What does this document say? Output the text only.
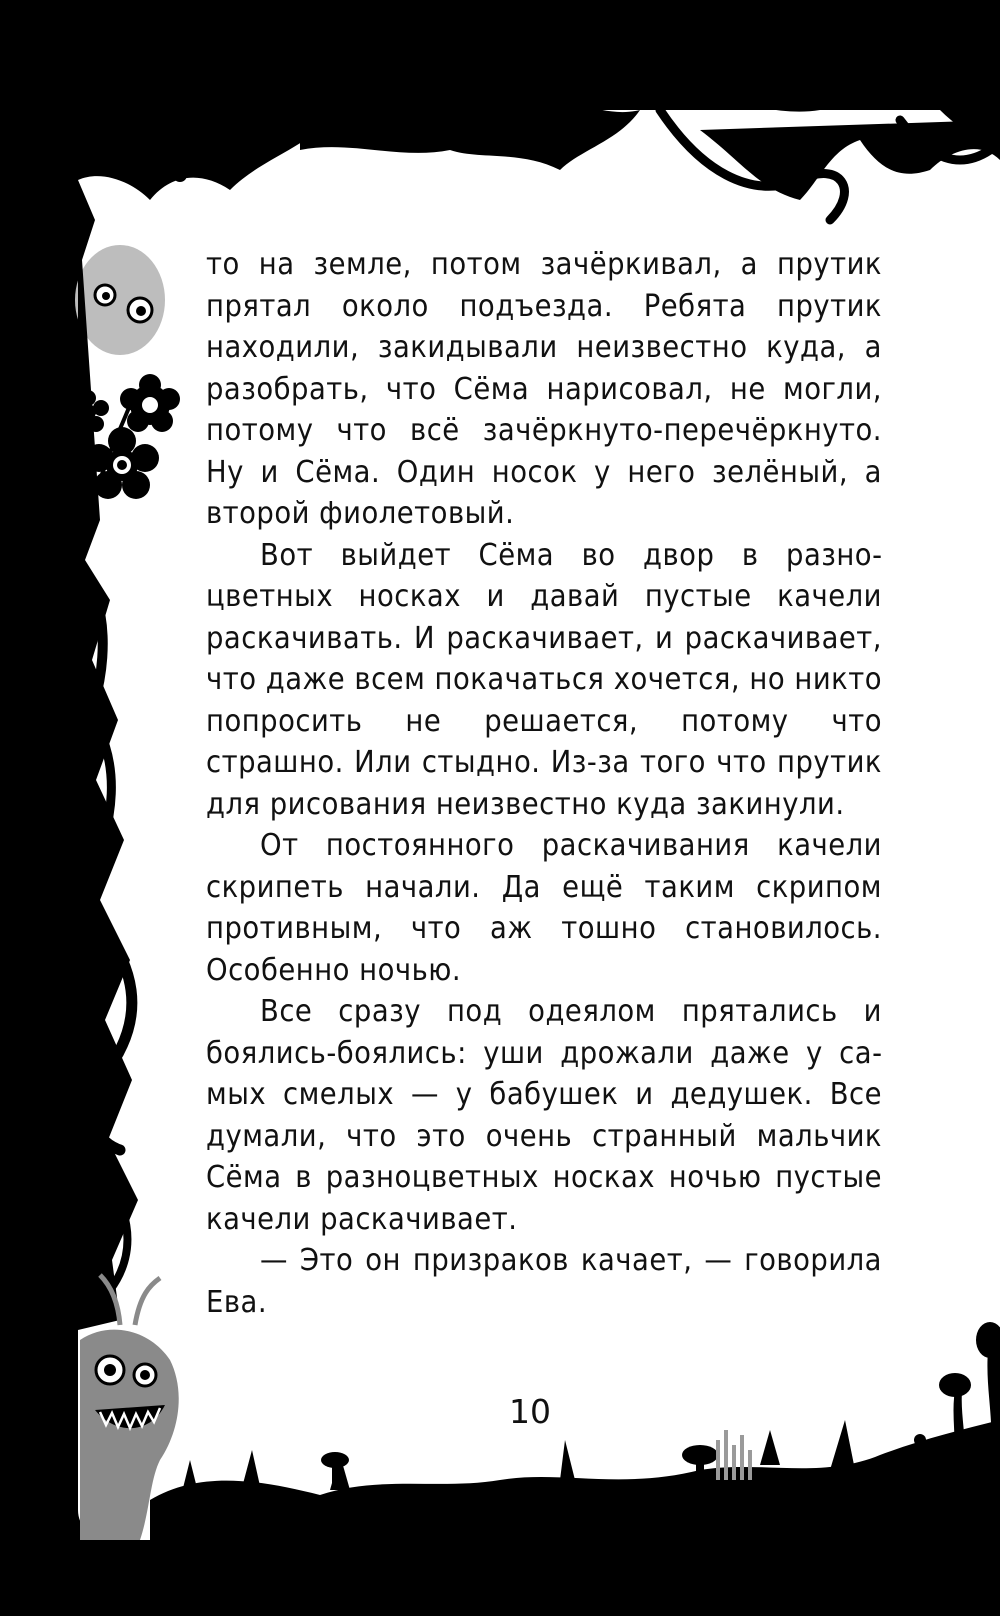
то на земле, потом зачёркивал, а прутик прятал около подъезда. Ребята прутик находили, закидывали неизвестно куда, а разобрать, что Сёма нарисовал, не могли, потому что всё зачёркнуто-перечёркнуто. Ну и Сёма. Один носок у него зелёный, а второй фиолетовый.

Вот выйдет Сёма во двор в разноцветных носках и давай пустые качели раскачивать. И раскачивает, и раскачивает, что даже всем покачаться хочется, но никто попросить не решается, потому что страшно. Или стыдно. Из-за того что прутик для рисования неизвестно куда закинули.

От постоянного раскачивания качели скрипеть начали. Да ещё таким скрипом противным, что аж тошно становилось. Особенно ночью.

Все сразу под одеялом прятались и боялись-боялись: уши дрожали даже у самых смелых — у бабушек и дедушек. Все думали, что это очень странный мальчик Сёма в разноцветных носках ночью пустые качели раскачивает.

— Это он призраков качает, — говорила Ева.

10
